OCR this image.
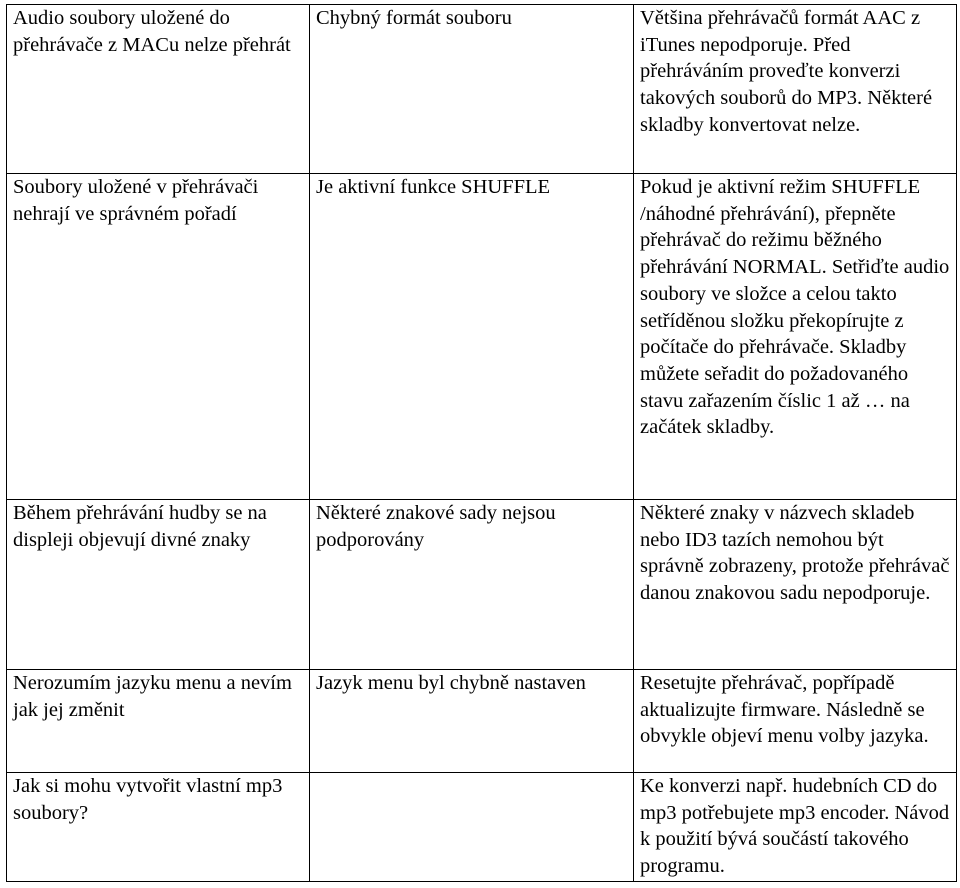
Audio soubory uložené do přehrávače z MACu nelze přehrát	Chybný formát souboru	Většina přehrávačů formát AAC z iTunes nepodporuje. Před přehráváním proveďte konverzi takových souborů do MP3. Některé skladby konvertovat nelze.
Soubory uložené v přehrávači nehrají ve správném pořadí	Je aktivní funkce SHUFFLE	Pokud je aktivní režim SHUFFLE /náhodné přehrávání), přepněte přehrávač do režimu běžného přehrávání NORMAL. Setřiďte audio soubory ve složce a celou takto setříděnou složku překopírujte z počítače do přehrávače. Skladby můžete seřadit do požadovaného stavu zařazením číslic 1 až … na začátek skladby.
Během přehrávání hudby se na displeji objevují divné znaky	Některé znakové sady nejsou podporovány	Některé znaky v názvech skladeb nebo ID3 tazích nemohou být správně zobrazeny, protože přehrávač danou znakovou sadu nepodporuje.
Nerozumím jazyku menu a nevím jak jej změnit	Jazyk menu byl chybně nastaven	Resetujte přehrávač, popřípadě aktualizujte firmware. Následně se obvykle objeví menu volby jazyka.
Jak si mohu vytvořit vlastní mp3 soubory?		Ke konverzi např. hudebních CD do mp3 potřebujete mp3 encoder. Návod k použití bývá součástí takového programu.
